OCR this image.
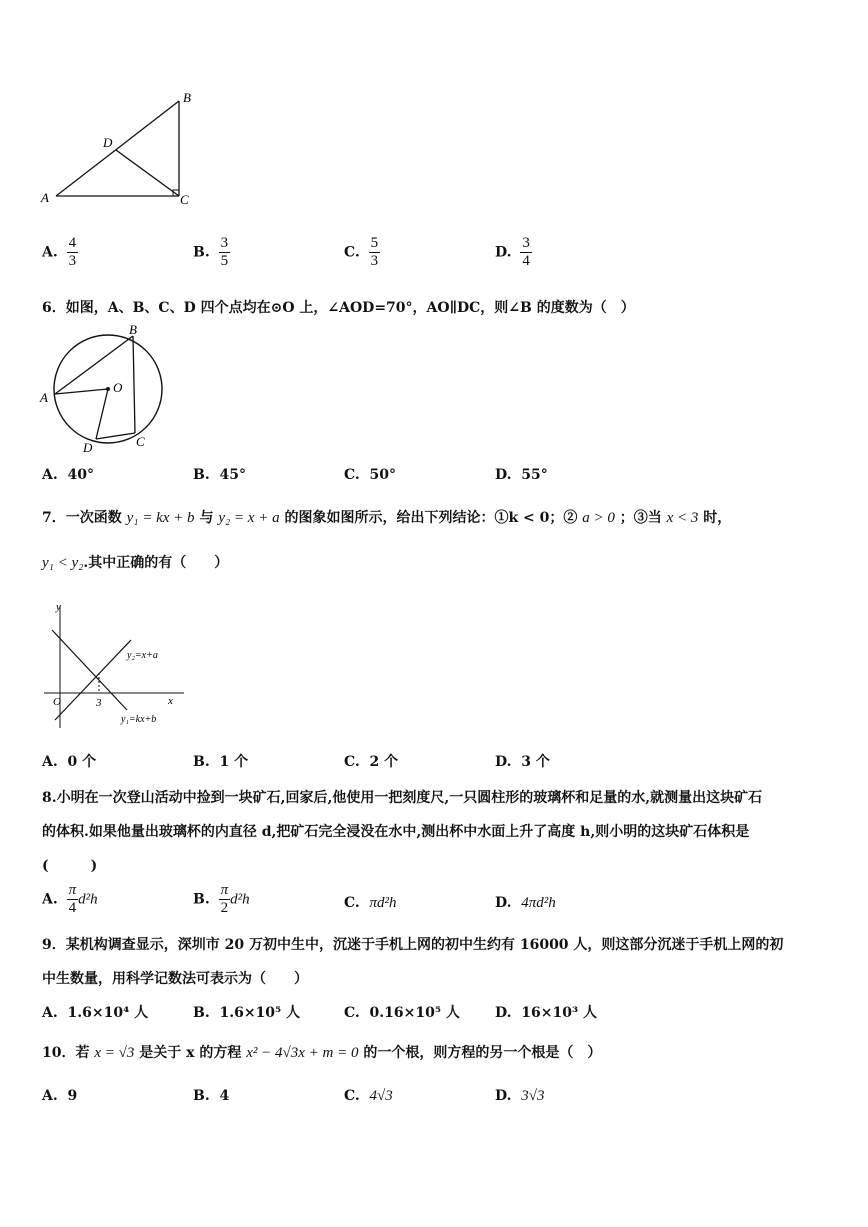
B
D
A	C
A. $\frac{4}{3}$	B. $\frac{3}{5}$	C. $\frac{5}{3}$	D. $\frac{3}{4}$
6．如图，A、B、C、D 四个点均在⊙O 上，∠AOD=70°，AO∥DC，则∠B 的度数为（　）
B
O
A
D	C
A. 40°	B. 45°	C. 50°	D. 55°
7．一次函数 y₁ = kx + b 与 y₂ = x + a 的图象如图所示，给出下列结论：①k < 0；② a > 0 ；③当 x < 3 时，
y₁ < y₂.其中正确的有（　　）
y
x
O	3
y₂=x+a
y₁=kx+b
A. 0 个	B. 1 个	C. 2 个	D. 3 个
8.小明在一次登山活动中捡到一块矿石,回家后,他使用一把刻度尺,一只圆柱形的玻璃杯和足量的水,就测量出这块矿石
的体积.如果他量出玻璃杯的内直径 d,把矿石完全浸没在水中,测出杯中水面上升了高度 h,则小明的这块矿石体积是
(　　　)
A. $\frac{\pi}{4} d^2h$	B. $\frac{\pi}{2} d^2h$	C. πd²h	D. 4πd²h
9．某机构调查显示，深圳市 20 万初中生中，沉迷于手机上网的初中生约有 16000 人，则这部分沉迷于手机上网的初
中生数量，用科学记数法可表示为（　　）
A. 1.6×10⁴ 人	B. 1.6×10⁵ 人	C. 0.16×10⁵ 人	D. 16×10³ 人
10．若 x = √3 是关于 x 的方程 x² − 4√3x + m = 0 的一个根，则方程的另一个根是（　）
A. 9	B. 4	C. 4√3	D. 3√3
